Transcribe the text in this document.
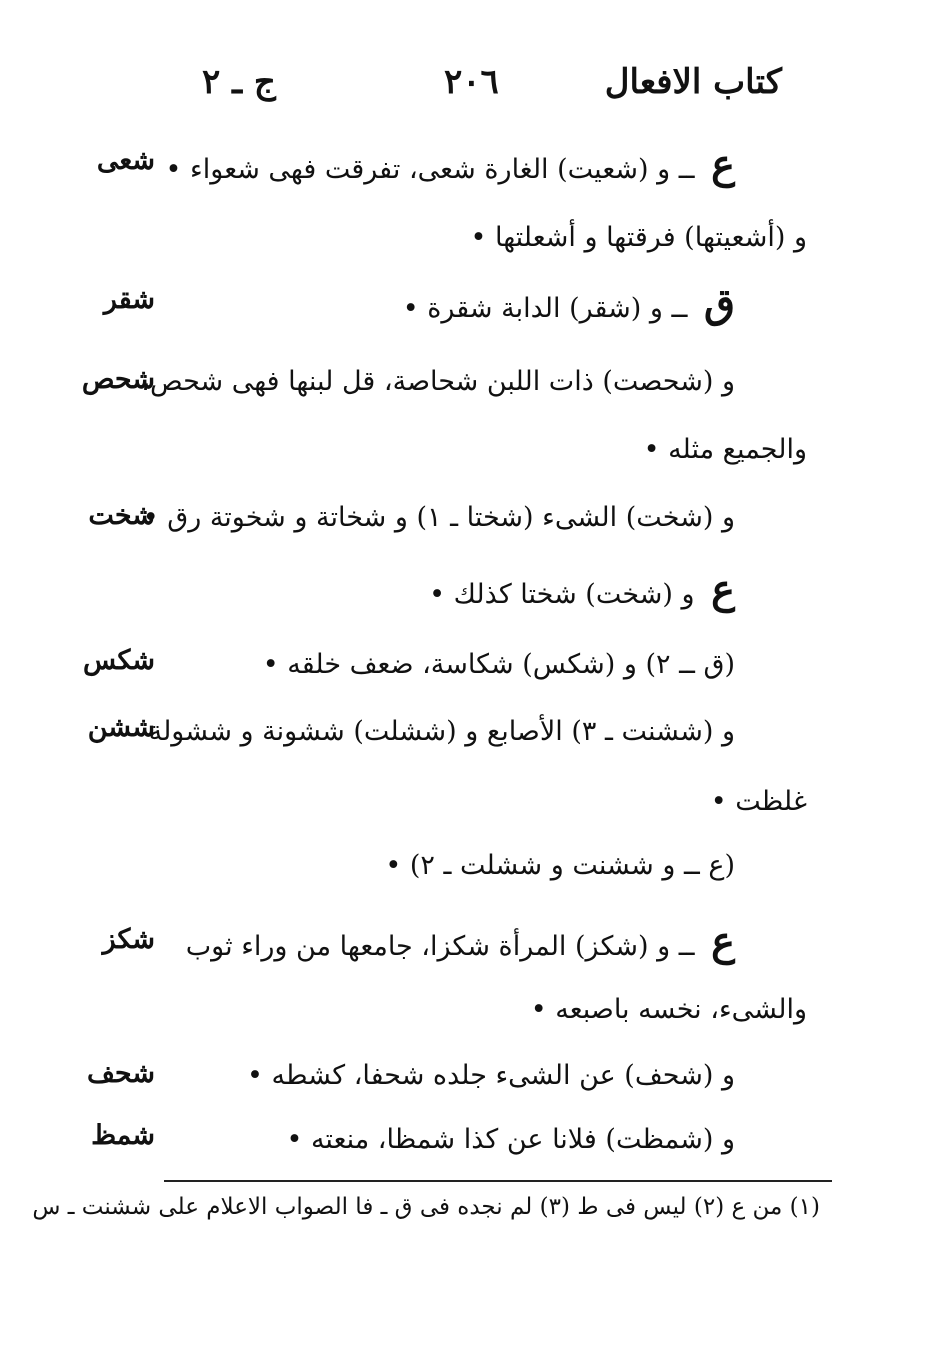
كتاب الافعال
٢٠٦
ج ـ ٢
ع ــ و (شعيت) الغارة شعى، تفرقت فهى شعواء •
و (أشعيتها) فرقتها و أشعلتها •
ق ــ و (شقر) الدابة شقرة •
و (شحصت) ذات اللبن شحاصة، قل لبنها فهى شحص،
والجميع مثله •
و (شخت) الشىء (شختا ـ ١) و شخاتة و شخوتة رق •
ع و (شخت) شختا كذلك •
(ق ــ ٢) و (شكس) شكاسة، ضعف خلقه •
و (ششنت ـ ٣) الأصابع و (ششلت) ششونة و ششولة
غلظت •
(ع ــ و ششنت و ششلت ـ ٢) •
ع ــ و (شكز) المرأة شكزا، جامعها من وراء ثوب
والشىء، نخسه باصبعه •
و (شحف) عن الشىء جلده شحفا، كشطه •
و (شمظت) فلانا عن كذا شمظا، منعته •
شعى
شقر
شحص
شخت
شكس
ششن
شكز
شحف
شمظ
(١) من ع (٢) ليس فى ط (٣) لم نجده فى ق ـ فا الصواب الاعلام على ششنت ـ س
